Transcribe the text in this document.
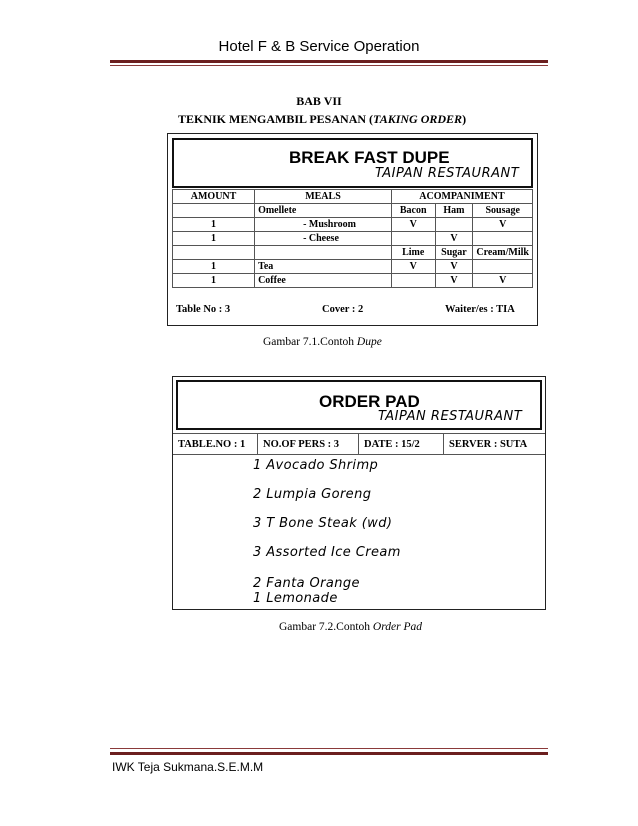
Hotel F & B Service Operation
BAB VII
TEKNIK MENGAMBIL PESANAN (TAKING ORDER)
BREAK FAST DUPE
TAIPAN RESTAURANT
AMOUNT	MEALS	ACOMPANIMENT		
	Omellete	Bacon	Ham	Sousage
1	- Mushroom	V		V
1	- Cheese		V	
		Lime	Sugar	Cream/Milk
1	Tea	V	V	
1	Coffee		V	V
Table No : 3	Cover : 2	Waiter/es : TIA
Gambar 7.1.Contoh Dupe
ORDER PAD
TAIPAN RESTAURANT
TABLE.NO : 1	NO.OF PERS : 3	DATE : 15/2	SERVER : SUTA
1 Avocado Shrimp
2 Lumpia Goreng
3 T Bone Steak (wd)
3 Assorted Ice Cream
2 Fanta Orange
1 Lemonade
Gambar 7.2.Contoh Order Pad
IWK Teja Sukmana.S.E.M.M
